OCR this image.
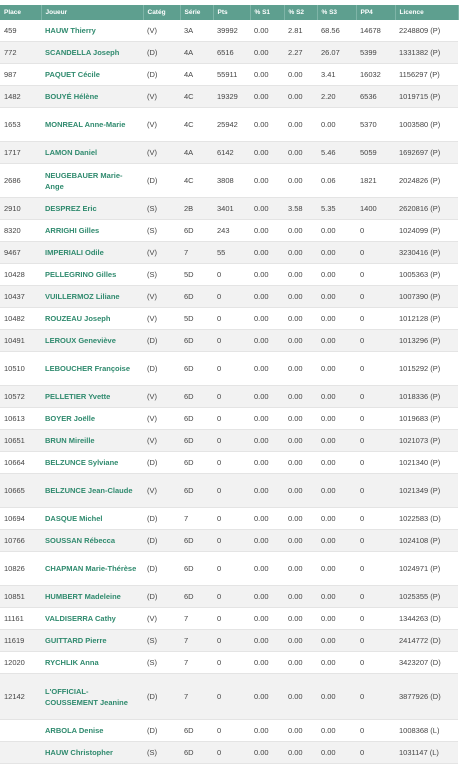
Place	Joueur	Catég	Série	Pts	% S1	% S2	% S3	PP4	Licence
459	HAUW Thierry	(V)	3A	39992	0.00	2.81	68.56	14678	2248809 (P)
772	SCANDELLA Joseph	(D)	4A	6516	0.00	2.27	26.07	5399	1331382 (P)
987	PAQUET Cécile	(D)	4A	55911	0.00	0.00	3.41	16032	1156297 (P)
1482	BOUYÉ Hélène	(V)	4C	19329	0.00	0.00	2.20	6536	1019715 (P)
1653	MONREAL Anne-Marie	(V)	4C	25942	0.00	0.00	0.00	5370	1003580 (P)
1717	LAMON Daniel	(V)	4A	6142	0.00	0.00	5.46	5059	1692697 (P)
2686	NEUGEBAUER Marie-Ange	(D)	4C	3808	0.00	0.00	0.06	1821	2024826 (P)
2910	DESPREZ Eric	(S)	2B	3401	0.00	3.58	5.35	1400	2620816 (P)
8320	ARRIGHI Gilles	(S)	6D	243	0.00	0.00	0.00	0	1024099 (P)
9467	IMPERIALI Odile	(V)	7	55	0.00	0.00	0.00	0	3230416 (P)
10428	PELLEGRINO Gilles	(S)	5D	0	0.00	0.00	0.00	0	1005363 (P)
10437	VUILLERMOZ Liliane	(V)	6D	0	0.00	0.00	0.00	0	1007390 (P)
10482	ROUZEAU Joseph	(V)	5D	0	0.00	0.00	0.00	0	1012128 (P)
10491	LEROUX Geneviève	(D)	6D	0	0.00	0.00	0.00	0	1013296 (P)
10510	LEBOUCHER Françoise	(D)	6D	0	0.00	0.00	0.00	0	1015292 (P)
10572	PELLETIER Yvette	(V)	6D	0	0.00	0.00	0.00	0	1018336 (P)
10613	BOYER Joëlle	(V)	6D	0	0.00	0.00	0.00	0	1019683 (P)
10651	BRUN Mireille	(V)	6D	0	0.00	0.00	0.00	0	1021073 (P)
10664	BELZUNCE Sylviane	(D)	6D	0	0.00	0.00	0.00	0	1021340 (P)
10665	BELZUNCE Jean-Claude	(V)	6D	0	0.00	0.00	0.00	0	1021349 (P)
10694	DASQUE Michel	(D)	7	0	0.00	0.00	0.00	0	1022583 (D)
10766	SOUSSAN Rébecca	(D)	6D	0	0.00	0.00	0.00	0	1024108 (P)
10826	CHAPMAN Marie-Thérèse	(D)	6D	0	0.00	0.00	0.00	0	1024971 (P)
10851	HUMBERT Madeleine	(D)	6D	0	0.00	0.00	0.00	0	1025355 (P)
11161	VALDISERRA Cathy	(V)	7	0	0.00	0.00	0.00	0	1344263 (D)
11619	GUITTARD Pierre	(S)	7	0	0.00	0.00	0.00	0	2414772 (D)
12020	RYCHLIK Anna	(S)	7	0	0.00	0.00	0.00	0	3423207 (D)
12142	L'OFFICIAL-COUSSEMENT Jeanine	(D)	7	0	0.00	0.00	0.00	0	3877926 (D)
	ARBOLA Denise	(D)	6D	0	0.00	0.00	0.00	0	1008368 (L)
	HAUW Christopher	(S)	6D	0	0.00	0.00	0.00	0	1031147 (L)
